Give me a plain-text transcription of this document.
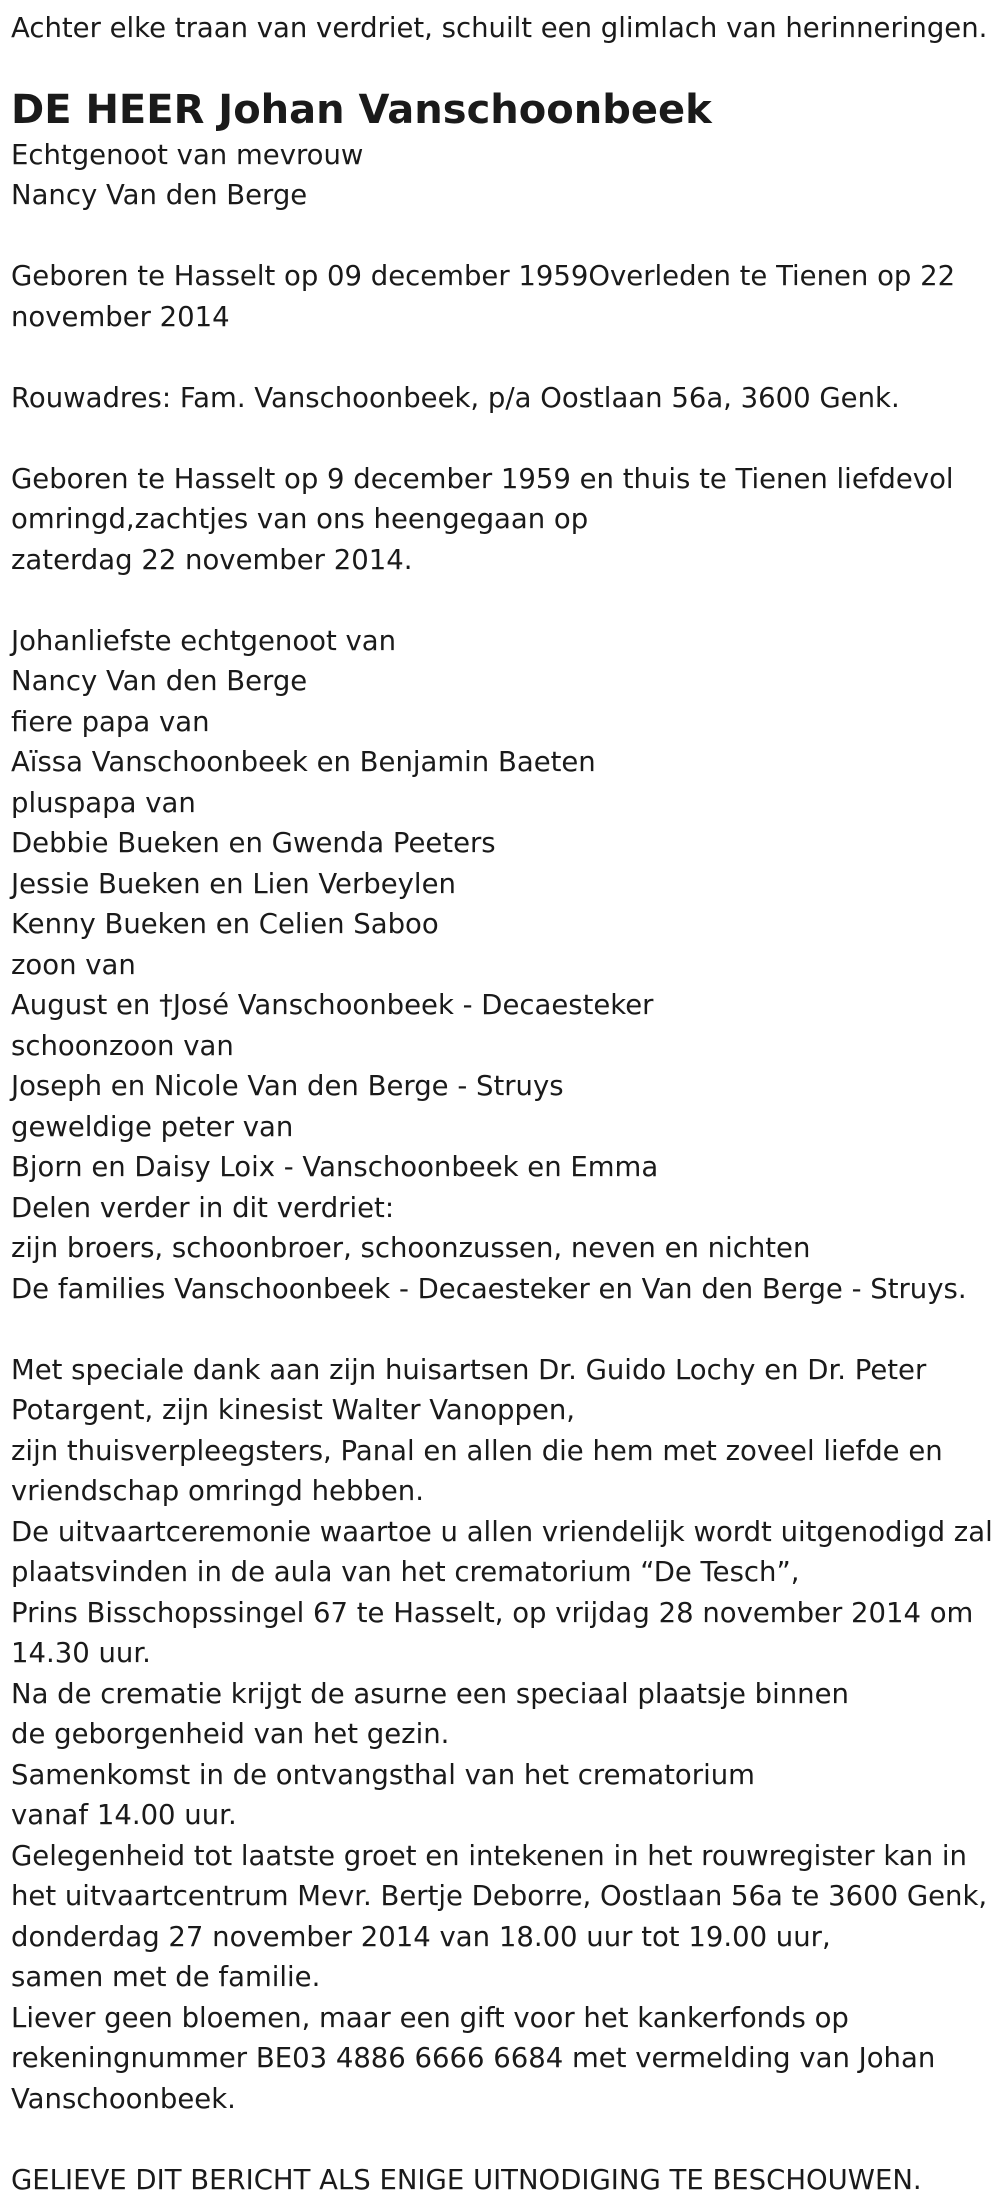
Achter elke traan van verdriet, schuilt een glimlach van herinneringen.
DE HEER Johan Vanschoonbeek
Echtgenoot van mevrouw
Nancy Van den Berge
Geboren te Hasselt op 09 december 1959Overleden te Tienen op 22
november 2014
Rouwadres: Fam. Vanschoonbeek, p/a Oostlaan 56a, 3600 Genk.
Geboren te Hasselt op 9 december 1959 en thuis te Tienen liefdevol
omringd,zachtjes van ons heengegaan op
zaterdag 22 november 2014.
Johanliefste echtgenoot van
Nancy Van den Berge
fiere papa van
Aïssa Vanschoonbeek en Benjamin Baeten
pluspapa van
Debbie Bueken en Gwenda Peeters
Jessie Bueken en Lien Verbeylen
Kenny Bueken en Celien Saboo
zoon van
August en †José Vanschoonbeek - Decaesteker
schoonzoon van
Joseph en Nicole Van den Berge - Struys
geweldige peter van
Bjorn en Daisy Loix - Vanschoonbeek en Emma
Delen verder in dit verdriet:
zijn broers, schoonbroer, schoonzussen, neven en nichten
De families Vanschoonbeek - Decaesteker en Van den Berge - Struys.
Met speciale dank aan zijn huisartsen Dr. Guido Lochy en Dr. Peter
Potargent, zijn kinesist Walter Vanoppen,
zijn thuisverpleegsters, Panal en allen die hem met zoveel liefde en
vriendschap omringd hebben.
De uitvaartceremonie waartoe u allen vriendelijk wordt uitgenodigd zal
plaatsvinden in de aula van het crematorium “De Tesch”,
Prins Bisschopssingel 67 te Hasselt, op vrijdag 28 november 2014 om
14.30 uur.
Na de crematie krijgt de asurne een speciaal plaatsje binnen
de geborgenheid van het gezin.
Samenkomst in de ontvangsthal van het crematorium
vanaf 14.00 uur.
Gelegenheid tot laatste groet en intekenen in het rouwregister kan in
het uitvaartcentrum Mevr. Bertje Deborre, Oostlaan 56a te 3600 Genk,
donderdag 27 november 2014 van 18.00 uur tot 19.00 uur,
samen met de familie.
Liever geen bloemen, maar een gift voor het kankerfonds op
rekeningnummer BE03 4886 6666 6684 met vermelding van Johan
Vanschoonbeek.
GELIEVE DIT BERICHT ALS ENIGE UITNODIGING TE BESCHOUWEN.
